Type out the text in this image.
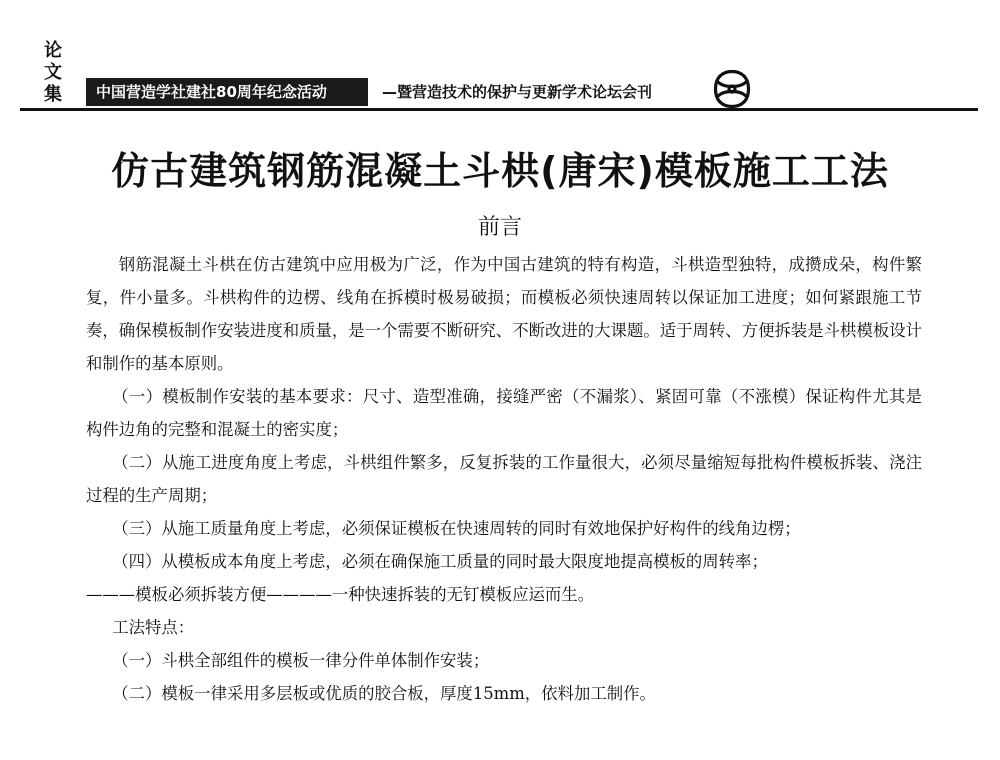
论
文
集	中国营造学社建社80周年纪念活动	—暨营造技术的保护与更新学术论坛会刊
仿古建筑钢筋混凝土斗栱(唐宋)模板施工工法
前言

钢筋混凝土斗栱在仿古建筑中应用极为广泛，作为中国古建筑的特有构造，斗栱造型独特，成攒成朵，构件繁复，件小量多。斗栱构件的边楞、线角在拆模时极易破损；而模板必须快速周转以保证加工进度；如何紧跟施工节奏，确保模板制作安装进度和质量，是一个需要不断研究、不断改进的大课题。适于周转、方便拆装是斗栱模板设计和制作的基本原则。

（一）模板制作安装的基本要求：尺寸、造型准确，接缝严密（不漏浆）、紧固可靠（不涨模）保证构件尤其是构件边角的完整和混凝土的密实度；

（二）从施工进度角度上考虑，斗栱组件繁多，反复拆装的工作量很大，必须尽量缩短每批构件模板拆装、浇注过程的生产周期；

（三）从施工质量角度上考虑，必须保证模板在快速周转的同时有效地保护好构件的线角边楞；

（四）从模板成本角度上考虑，必须在确保施工质量的同时最大限度地提高模板的周转率；

———模板必须拆装方便————一种快速拆装的无钉模板应运而生。

工法特点：

（一）斗栱全部组件的模板一律分件单体制作安装；

（二）模板一律采用多层板或优质的胶合板，厚度15mm，依料加工制作。
